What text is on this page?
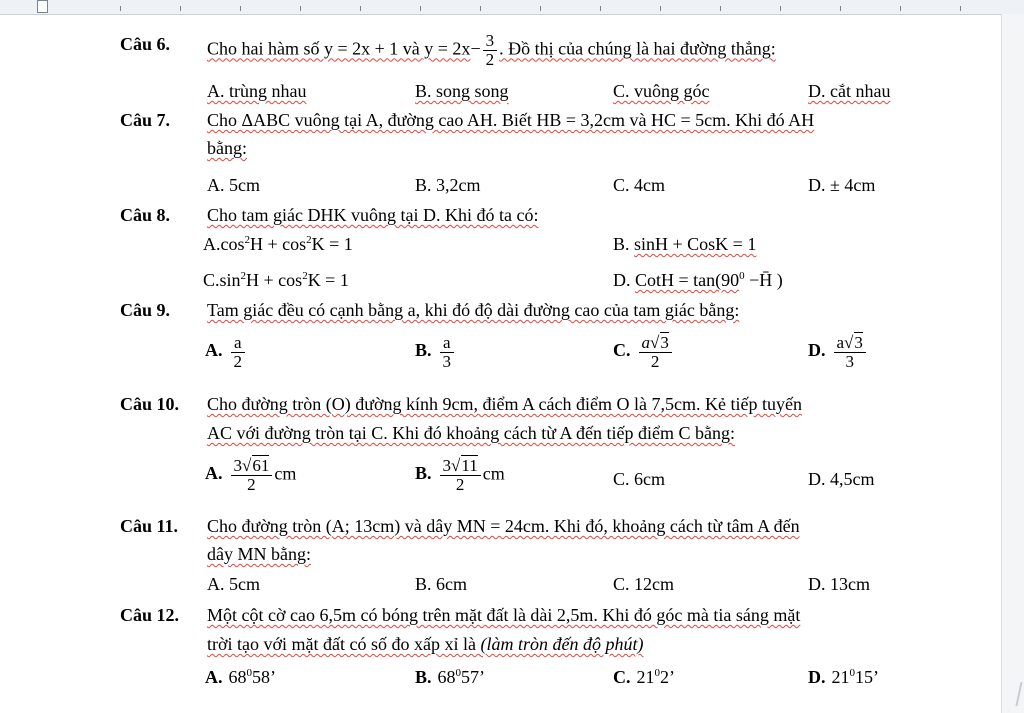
Câu 6. Cho hai hàm số y = 2x + 1 và $y = 2x- \frac{3}{2}$ . Đồ thị của chúng là hai đường thẳng:
A. trùng nhau	B. song song	C. vuông góc	D. cắt nhau
Câu 7. Cho ΔABC vuông tại A, đường cao AH. Biết HB = 3,2cm và HC = 5cm. Khi đó AH
bằng:
A. 5cm	B. 3,2cm	C. 4cm	D. ± 4cm
Câu 8. Cho tam giác DHK vuông tại D. Khi đó ta có:
$A.\cos^2H + \cos^2K = 1$	B. sinH + CosK = 1
$C.\sin^2H + \cos^2K = 1$	D. CotH = $\tan(90^0$ −H̄ )
Câu 9. Tam giác đều có cạnh bằng a, khi đó độ dài đường cao của tam giác bằng:
A. $\frac{a}{2}$	B. $\frac{a}{3}$	C. $\frac{a√3}{2}$	D. $\frac{a√3}{3}$
Câu 10. Cho đường tròn (O) đường kính 9cm, điểm A cách điểm O là 7,5cm. Kẻ tiếp tuyến
AC với đường tròn tại C. Khi đó khoảng cách từ A đến tiếp điểm C bằng:
A. $\frac{3√61}{2}$ cm	B. $\frac{3√11}{2}$ cm	C. 6cm	D. 4,5cm
Câu 11. Cho đường tròn (A; 13cm) và dây MN = 24cm. Khi đó, khoảng cách từ tâm A đến
dây MN bằng:
A. 5cm	B. 6cm	C. 12cm	D. 13cm
Câu 12. Một cột cờ cao 6,5m có bóng trên mặt đất là dài 2,5m. Khi đó góc mà tia sáng mặt
trời tạo với mặt đất có số đo xấp xỉ là (làm tròn đến độ phút)
A. $68^058$’	B. $68^057$’	C. $21^02$’	D. $21^015$’
